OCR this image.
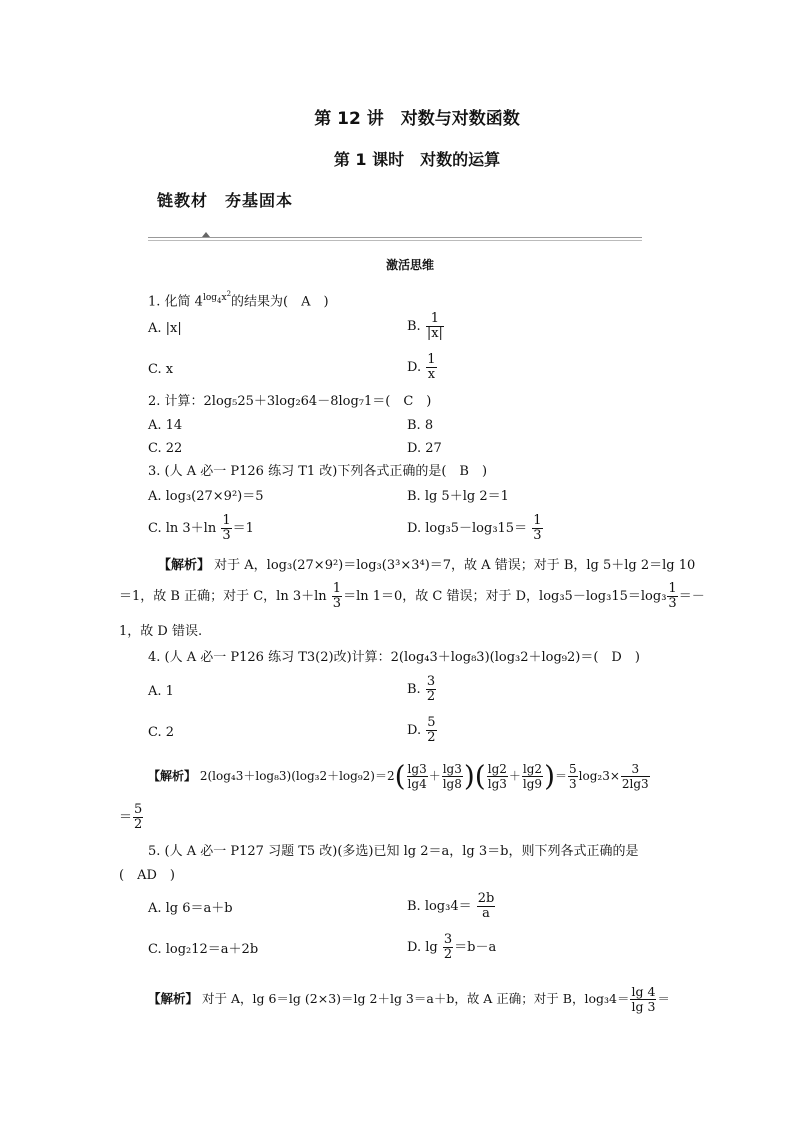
第 12 讲　对数与对数函数
第 1 课时　对数的运算
链教材　夯基固本
激活思维
1. 化简 $4^{log_4x^2}$的结果为(　A　)
A. |x|	B. $\frac{1}{|x|}$
C. x	D. $\frac{1}{x}$
2. 计算：2log₅25＋3log₂64－8log₇1＝(　C　)
A. 14	B. 8
C. 22	D. 27
3. (人 A 必一 P126 练习 T1 改)下列各式正确的是(　B　)
A. log₃(27×9²)＝5	B. lg 5＋lg 2＝1
C. $\ln 3+\ln \frac{1}{3} =1$	D. $\log_35-\log_315= \frac{1}{3}$
【解析】 对于 A，log₃(27×9²)＝log₃(3³×3⁴)＝7，故 A 错误；对于 B，lg 5＋lg 2＝lg 10
＝1，故 B 正确；对于 C，$\ln 3+\ln \frac{1}{3} =\ln$ 1＝0，故 C 错误；对于 D，$\log_35-\log_315=\log_3 \frac{1}{3}$ ＝－
1，故 D 错误.
4. (人 A 必一 P126 练习 T3(2)改)计算：2(log₄3＋log₈3)(log₃2＋log₉2)＝(　D　)
A. 1	B. $\frac{3}{2}$
C. 2	D. $\frac{5}{2}$
【解析】 $2(\log_43+\log_83)(\log_32+\log_92)=2( \frac{\lg 3}{\lg 4} + \frac{\lg 3}{\lg 8}$ )( $\frac{\lg 2}{\lg 3} + \frac{\lg 2}{\lg 9}$ )＝ $\frac{5}{3} \log_23\times \frac{3}{2\lg 3}$
＝ $\frac{5}{2}$
5. (人 A 必一 P127 习题 T5 改)(多选)已知 lg 2＝a，lg 3＝b，则下列各式正确的是
(　AD　)
A. lg 6＝a＋b	B. $\log_34= \frac{2b}{a}$
C. log₂12＝a＋2b	D. $\lg \frac{3}{2} =b-a$
【解析】 对于 A，lg 6＝lg (2×3)＝lg 2＋lg 3＝a＋b，故 A 正确；对于 B，$\log_34= \frac{\lg 4}{\lg 3}$ ＝
